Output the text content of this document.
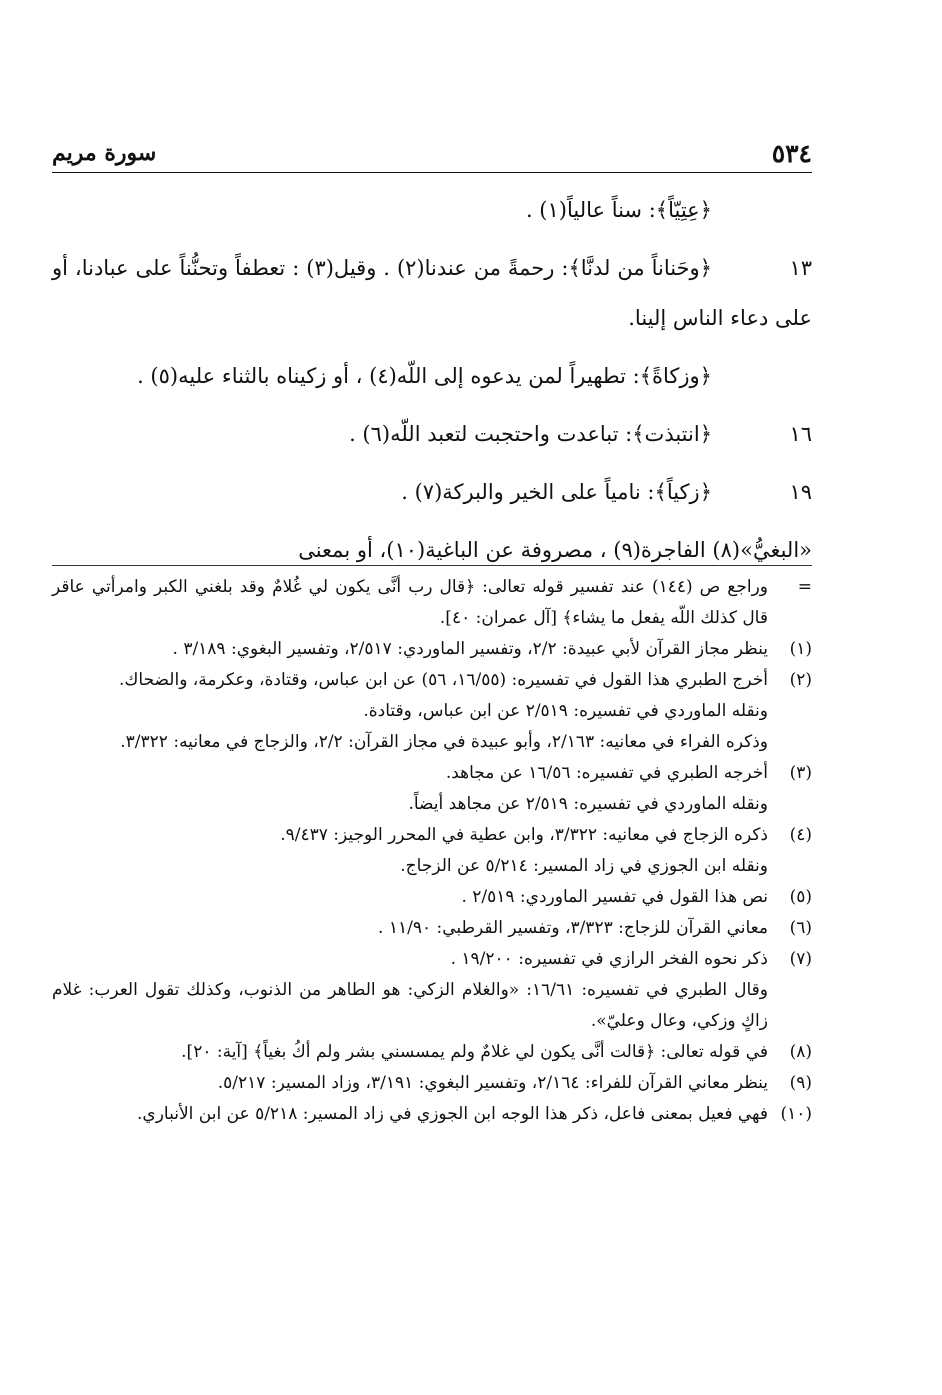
٥٣٤
سورة مريم
﴿عِتِيّاً﴾: سناً عالياً(١) .
١٣
﴿وحَناناً من لدنَّا﴾: رحمةً من عندنا(٢) . وقيل(٣) : تعطفاً وتحنُّناً على عبادنا، أو على دعاء الناس إلينا.
﴿وزكاةً﴾: تطهيراً لمن يدعوه إلى اللّه(٤) ، أو زكيناه بالثناء عليه(٥) .
١٦
﴿انتبذت﴾: تباعدت واحتجبت لتعبد اللّه(٦) .
١٩
﴿زكياً﴾: نامياً على الخير والبركة(٧) .
«البغيُّ»(٨) الفاجرة(٩) ، مصروفة عن الباغية(١٠)، أو بمعنى
=
وراجع ص (١٤٤) عند تفسير قوله تعالى: ﴿قال رب أنَّى يكون لي غُلامٌ وقد بلغني الكبر وامرأتي عاقر قال كذلك اللّه يفعل ما يشاء﴾ [آل عمران: ٤٠].
(١)
ينظر مجاز القرآن لأبي عبيدة: ٢/٢، وتفسير الماوردي: ٢/٥١٧، وتفسير البغوي: ٣/١٨٩ .
(٢)
أخرج الطبري هذا القول في تفسيره: (١٦/٥٥، ٥٦) عن ابن عباس، وقتادة، وعكرمة، والضحاك.
ونقله الماوردي في تفسيره: ٢/٥١٩ عن ابن عباس، وقتادة.
وذكره الفراء في معانيه: ٢/١٦٣، وأبو عبيدة في مجاز القرآن: ٢/٢، والزجاج في معانيه: ٣/٣٢٢.
(٣)
أخرجه الطبري في تفسيره: ١٦/٥٦ عن مجاهد.
ونقله الماوردي في تفسيره: ٢/٥١٩ عن مجاهد أيضاً.
(٤)
ذكره الزجاج في معانيه: ٣/٣٢٢، وابن عطية في المحرر الوجيز: ٩/٤٣٧.
ونقله ابن الجوزي في زاد المسير: ٥/٢١٤ عن الزجاج.
(٥)
نص هذا القول في تفسير الماوردي: ٢/٥١٩ .
(٦)
معاني القرآن للزجاج: ٣/٣٢٣، وتفسير القرطبي: ١١/٩٠ .
(٧)
ذكر نحوه الفخر الرازي في تفسيره: ١٩/٢٠٠ .
وقال الطبري في تفسيره: ١٦/٦١: «والغلام الزكي: هو الطاهر من الذنوب، وكذلك تقول العرب: غلام زاكٍ وزكي، وعال وعليّ».
(٨)
في قوله تعالى: ﴿قالت أنَّى يكون لي غلامٌ ولم يمسسني بشر ولم أكُ بغياً﴾ [آية: ٢٠].
(٩)
ينظر معاني القرآن للفراء: ٢/١٦٤، وتفسير البغوي: ٣/١٩١، وزاد المسير: ٥/٢١٧.
(١٠)
فهي فعيل بمعنى فاعل، ذكر هذا الوجه ابن الجوزي في زاد المسير: ٥/٢١٨ عن ابن الأنباري.
